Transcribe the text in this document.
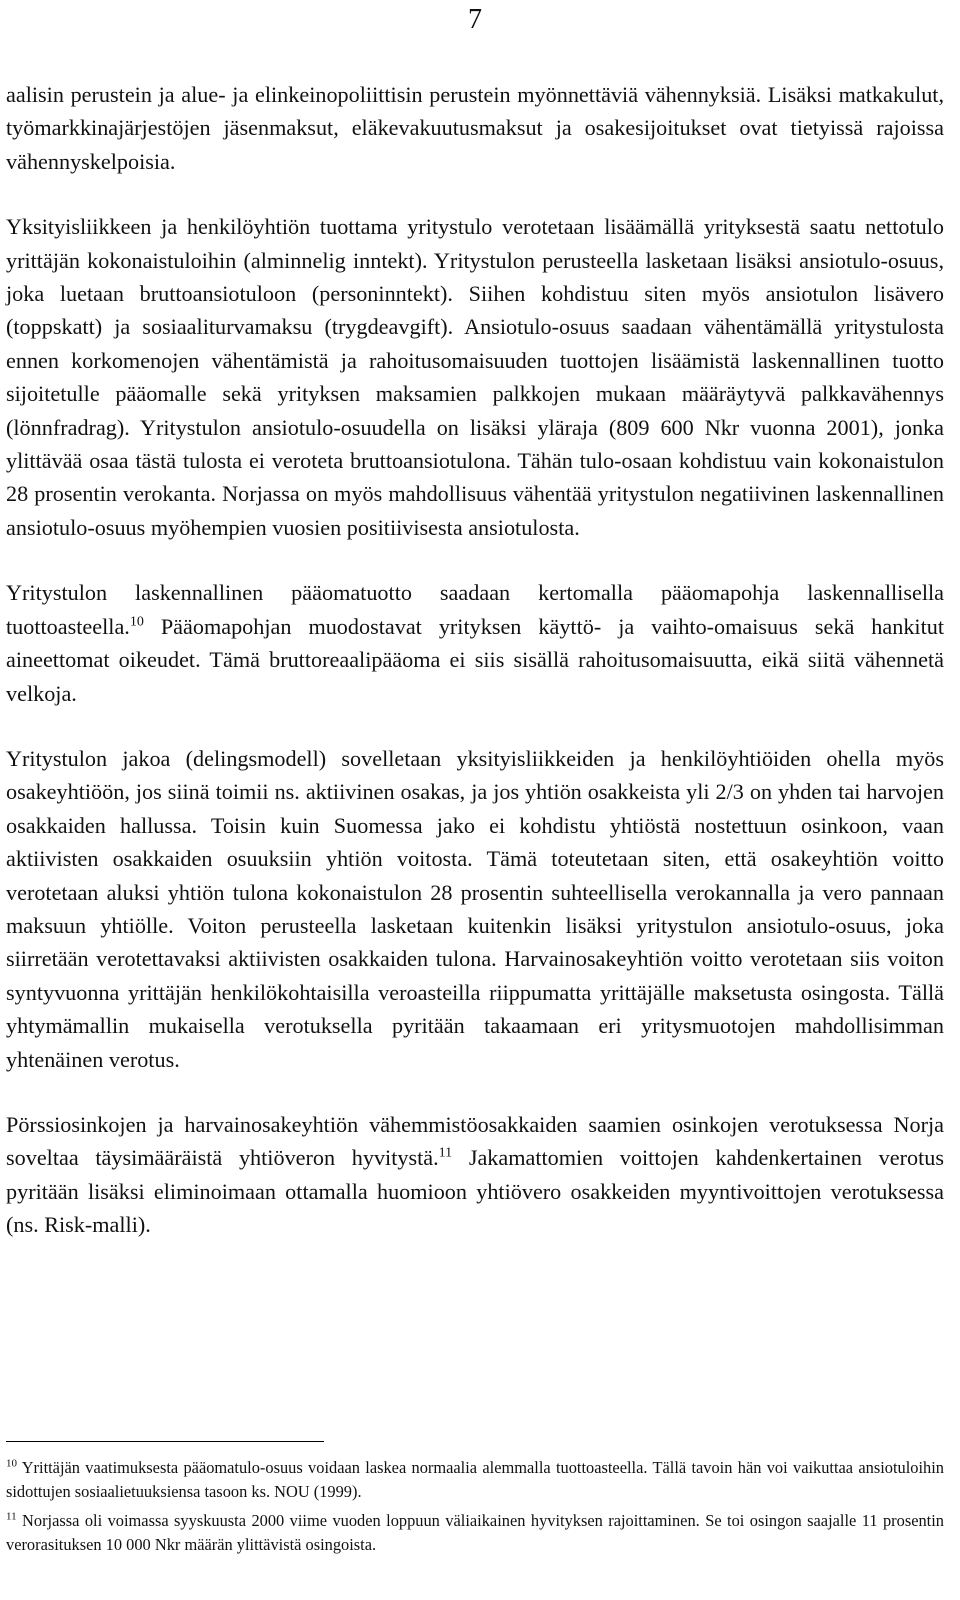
7

aalisin perustein ja alue- ja elinkeinopoliittisin perustein myönnettäviä vähennyksiä. Lisäksi matkakulut, työmarkkinajärjestöjen jäsenmaksut, eläkevakuutusmaksut ja osakesijoitukset ovat tietyissä rajoissa vähennyskelpoisia.

Yksityisliikkeen ja henkilöyhtiön tuottama yritystulo verotetaan lisäämällä yrityksestä saatu nettotulo yrittäjän kokonaistuloihin (alminnelig inntekt). Yritystulon perusteella lasketaan lisäksi ansiotulo-osuus, joka luetaan bruttoansiotuloon (personinntekt). Siihen kohdistuu siten myös ansiotulon lisävero (toppskatt) ja sosiaaliturvamaksu (trygdeavgift). Ansiotulo-osuus saadaan vähentämällä yritystulosta ennen korkomenojen vähentämistä ja rahoitusomaisuuden tuottojen lisäämistä laskennallinen tuotto sijoitetulle pääomalle sekä yrityksen maksamien palkkojen mukaan määräytyvä palkkavähennys (lönnfradrag). Yritystulon ansiotulo-osuudella on lisäksi yläraja (809 600 Nkr vuonna 2001), jonka ylittävää osaa tästä tulosta ei veroteta bruttoansiotulona. Tähän tulo-osaan kohdistuu vain kokonaistulon 28 prosentin verokanta. Norjassa on myös mahdollisuus vähentää yritystulon negatiivinen laskennallinen ansiotulo-osuus myöhempien vuosien positiivisesta ansiotulosta.

Yritystulon laskennallinen pääomatuotto saadaan kertomalla pääomapohja laskennallisella tuottoasteella.$^{10}$ Pääomapohjan muodostavat yrityksen käyttö- ja vaihto-omaisuus sekä hankitut aineettomat oikeudet. Tämä bruttoreaalipääoma ei siis sisällä rahoitusomaisuutta, eikä siitä vähennetä velkoja.

Yritystulon jakoa (delingsmodell) sovelletaan yksityisliikkeiden ja henkilöyhtiöiden ohella myös osakeyhtiöön, jos siinä toimii ns. aktiivinen osakas, ja jos yhtiön osakkeista yli 2/3 on yhden tai harvojen osakkaiden hallussa. Toisin kuin Suomessa jako ei kohdistu yhtiöstä nostettuun osinkoon, vaan aktiivisten osakkaiden osuuksiin yhtiön voitosta. Tämä toteutetaan siten, että osakeyhtiön voitto verotetaan aluksi yhtiön tulona kokonaistulon 28 prosentin suhteellisella verokannalla ja vero pannaan maksuun yhtiölle. Voiton perusteella lasketaan kuitenkin lisäksi yritystulon ansiotulo-osuus, joka siirretään verotettavaksi aktiivisten osakkaiden tulona. Harvainosakeyhtiön voitto verotetaan siis voiton syntyvuonna yrittäjän henkilökohtaisilla veroasteilla riippumatta yrittäjälle maksetusta osingosta. Tällä yhtymämallin mukaisella verotuksella pyritään takaamaan eri yritysmuotojen mahdollisimman yhtenäinen verotus.

Pörssiosinkojen ja harvainosakeyhtiön vähemmistöosakkaiden saamien osinkojen verotuksessa Norja soveltaa täysimääräistä yhtiöveron hyvitystä.$^{11}$ Jakamattomien voittojen kahdenkertainen verotus pyritään lisäksi eliminoimaan ottamalla huomioon yhtiövero osakkeiden myyntivoittojen verotuksessa (ns. Risk-malli).

$^{10}$ Yrittäjän vaatimuksesta pääomatulo-osuus voidaan laskea normaalia alemmalla tuottoasteella. Tällä tavoin hän voi vaikuttaa ansiotuloihin sidottujen sosiaalietuuksiensa tasoon ks. NOU (1999).

$^{11}$ Norjassa oli voimassa syyskuusta 2000 viime vuoden loppuun väliaikainen hyvityksen rajoittaminen. Se toi osingon saajalle 11 prosentin verorasituksen 10 000 Nkr määrän ylittävistä osingoista.
